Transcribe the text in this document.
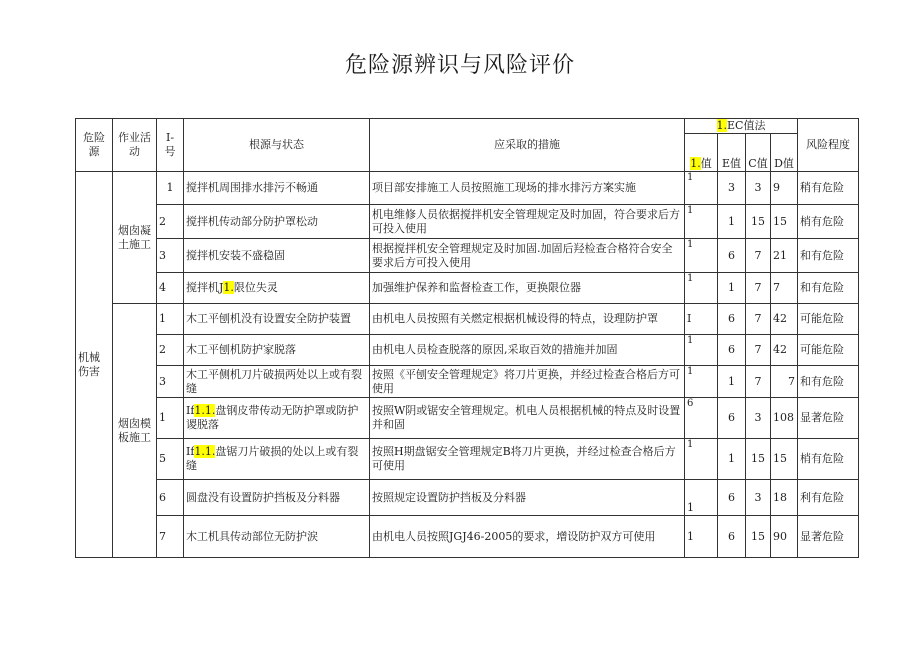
危险源辨识与风险评价
危险源	作业活动	I-
号	根源与状态	应采取的措施	1.EC值法				风险程度
					1.值	E值	C值	D值	
机械伤害	烟囱凝土施工	1	搅拌机周围排水排污不畅通	项目部安排施工人员按照施工现场的排水排污方案实施	1	3	3	9	稍有危险
		2	搅拌机传动部分防护罩松动	机电维修人员依据搅拌机安全管理规定及时加固，符合要求后方可投入使用	1	1	15	15	梢有危险
		3	搅拌机安装不盛稳固	根据搅拌机安全管理规定及时加固.加固后羟检查合格符合安全要求后方可投入使用	1	6	7	21	和有危险
		4	搅拌机J1.限位失灵	加强维护保养和监督检查工作，更换限位器	1	1	7	7	和有危险
	烟囱模板施工	1	木工平刨机没有设置安全防护装置	由机电人员按照有关燃定根据机械设得的特点，设理防护罩	I	6	7	42	可能危险
		2	木工平刨机防护家脱落	由机电人员检查脱落的原因,采取百效的措施并加固	1	6	7	42	可能危险
		3	木工平侧机刀片破损两处以上或有裂缝	按照《平刨安全管理规定》将刀片更换，并经过检查合格后方可使用	1	1	7	7	和有危险
		1	If1.1.盘钢皮带传动无防护罩或防护谡脱落	按照W阴或锯安全管理规定。机电人员根据机械的特点及时设置并和固	6	6	3	108	显著危险
		5	If1.1.盘锯刀片破损的处以上或有裂缝	按照H期盘锯安全管理规定B将刀片更换，并经过检查合格后方可使用	1	1	15	15	梢有危险
		6	圆盘没有设置防护挡板及分料器	按照规定设置防护挡板及分料器	1	6	3	18	利有危险
		7	木工机具传动部位无防护涙	由机电人员按照JGJ46-2005的要求，增设防护双方可使用	1	6	15	90	显著危险
